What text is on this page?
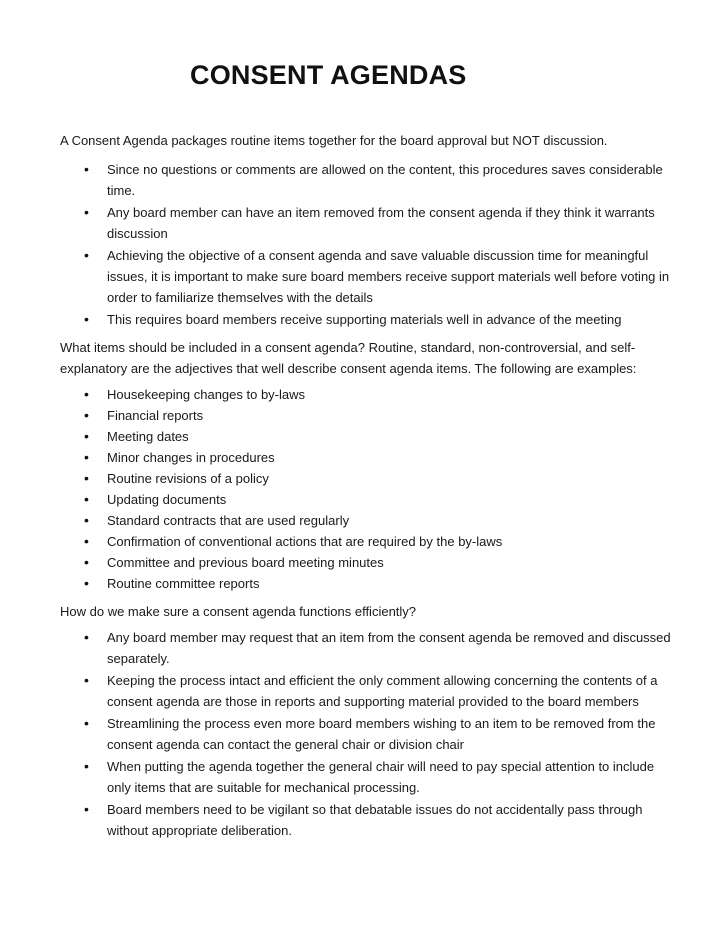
CONSENT AGENDAS

A Consent Agenda packages routine items together for the board approval but NOT discussion.

• Since no questions or comments are allowed on the content, this procedures saves considerable time.
• Any board member can have an item removed from the consent agenda if they think it warrants discussion
• Achieving the objective of a consent agenda and save valuable discussion time for meaningful issues, it is important to make sure board members receive support materials well before voting in order to familiarize themselves with the details
• This requires board members receive supporting materials well in advance of the meeting

What items should be included in a consent agenda? Routine, standard, non-controversial, and self-explanatory are the adjectives that well describe consent agenda items. The following are examples:

• Housekeeping changes to by-laws
• Financial reports
• Meeting dates
• Minor changes in procedures
• Routine revisions of a policy
• Updating documents
• Standard contracts that are used regularly
• Confirmation of conventional actions that are required by the by-laws
• Committee and previous board meeting minutes
• Routine committee reports

How do we make sure a consent agenda functions efficiently?

• Any board member may request that an item from the consent agenda be removed and discussed separately.
• Keeping the process intact and efficient the only comment allowing concerning the contents of a consent agenda are those in reports and supporting material provided to the board members
• Streamlining the process even more board members wishing to an item to be removed from the consent agenda can contact the general chair or division chair
• When putting the agenda together the general chair will need to pay special attention to include only items that are suitable for mechanical processing.
• Board members need to be vigilant so that debatable issues do not accidentally pass through without appropriate deliberation.
